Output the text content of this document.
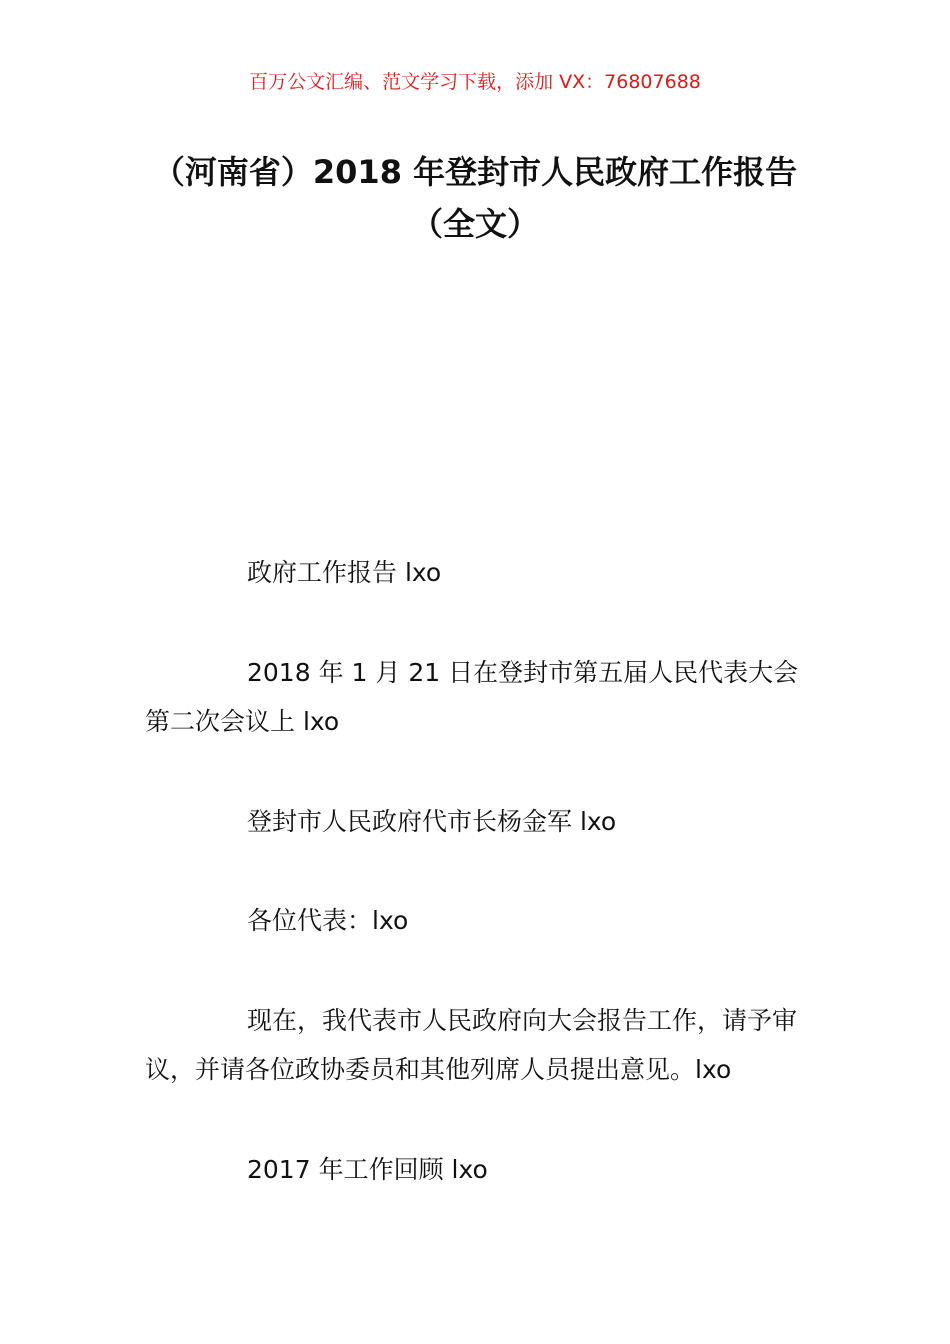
百万公文汇编、范文学习下载，添加 VX：76807688
（河南省）2018 年登封市人民政府工作报告（全文）

政府工作报告 lxo

2018 年 1 月 21 日在登封市第五届人民代表大会第二次会议上 lxo

登封市人民政府代市长杨金军 lxo

各位代表：lxo

现在，我代表市人民政府向大会报告工作，请予审议，并请各位政协委员和其他列席人员提出意见。lxo

2017 年工作回顾 lxo
